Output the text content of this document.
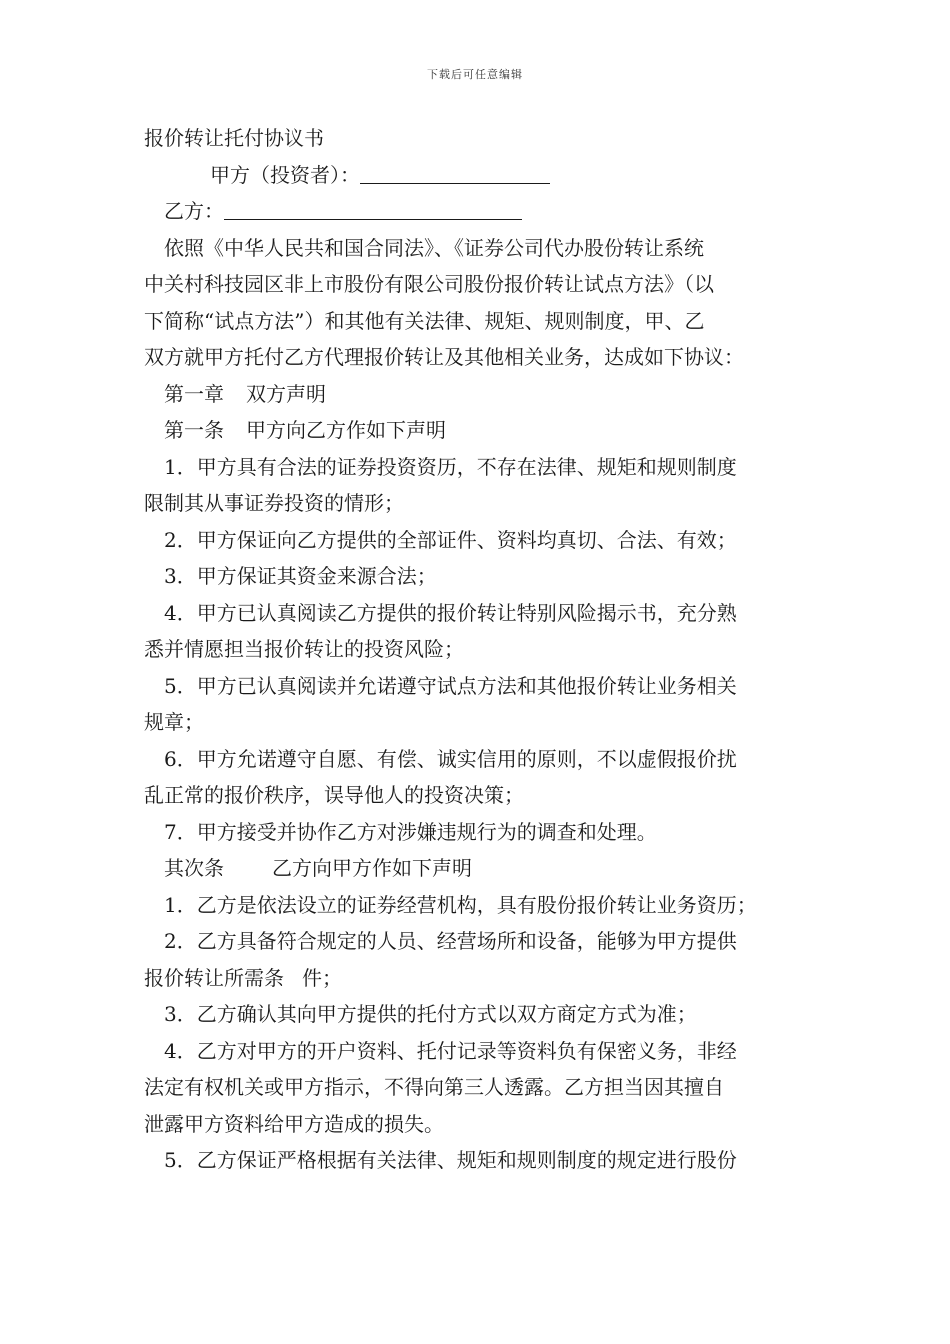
下载后可任意编辑
报价转让托付协议书
甲方（投资者）：
乙方：
依照《中华人民共和国合同法》、《证券公司代办股份转让系统
中关村科技园区非上市股份有限公司股份报价转让试点方法》（以
下简称“试点方法”）和其他有关法律、规矩、规则制度，甲、乙
双方就甲方托付乙方代理报价转让及其他相关业务，达成如下协议：
第一章 双方声明
第一条 甲方向乙方作如下声明
1．甲方具有合法的证券投资资历，不存在法律、规矩和规则制度
限制其从事证券投资的情形；
2．甲方保证向乙方提供的全部证件、资料均真切、合法、有效；
3．甲方保证其资金来源合法；
4．甲方已认真阅读乙方提供的报价转让特别风险揭示书，充分熟
悉并情愿担当报价转让的投资风险；
5．甲方已认真阅读并允诺遵守试点方法和其他报价转让业务相关
规章；
6．甲方允诺遵守自愿、有偿、诚实信用的原则，不以虚假报价扰
乱正常的报价秩序，误导他人的投资决策；
7．甲方接受并协作乙方对涉嫌违规行为的调查和处理。
其次条 乙方向甲方作如下声明
1．乙方是依法设立的证券经营机构，具有股份报价转让业务资历；
2．乙方具备符合规定的人员、经营场所和设备，能够为甲方提供
报价转让所需条 件；
3．乙方确认其向甲方提供的托付方式以双方商定方式为准；
4．乙方对甲方的开户资料、托付记录等资料负有保密义务，非经
法定有权机关或甲方指示，不得向第三人透露。乙方担当因其擅自
泄露甲方资料给甲方造成的损失。
5．乙方保证严格根据有关法律、规矩和规则制度的规定进行股份
